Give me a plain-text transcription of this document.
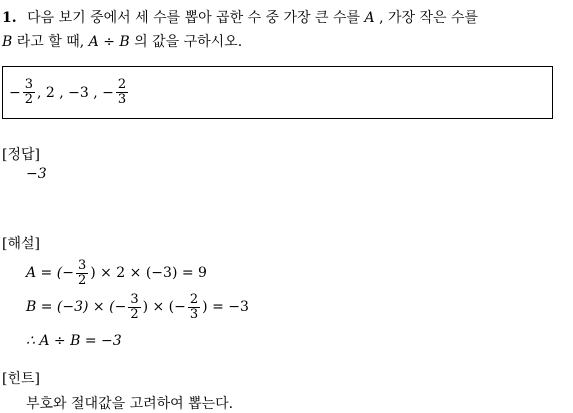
1. 다음 보기 중에서 세 수를 뽑아 곱한 수 중 가장 큰 수를 A , 가장 작은 수를
B 라고 할 때, A ÷ B 의 값을 구하시오.
− $\frac{3}{2}$ , 2 , −3 , − $\frac{2}{3}$
[정답]
−3
[해설]
A = (− $\frac{3}{2}$ ) × 2 × (−3) = 9
B = (−3) × (− $\frac{3}{2}$ ) × (− $\frac{2}{3}$ ) = −3
∴ A ÷ B = −3
[힌트]
부호와 절대값을 고려하여 뽑는다.
